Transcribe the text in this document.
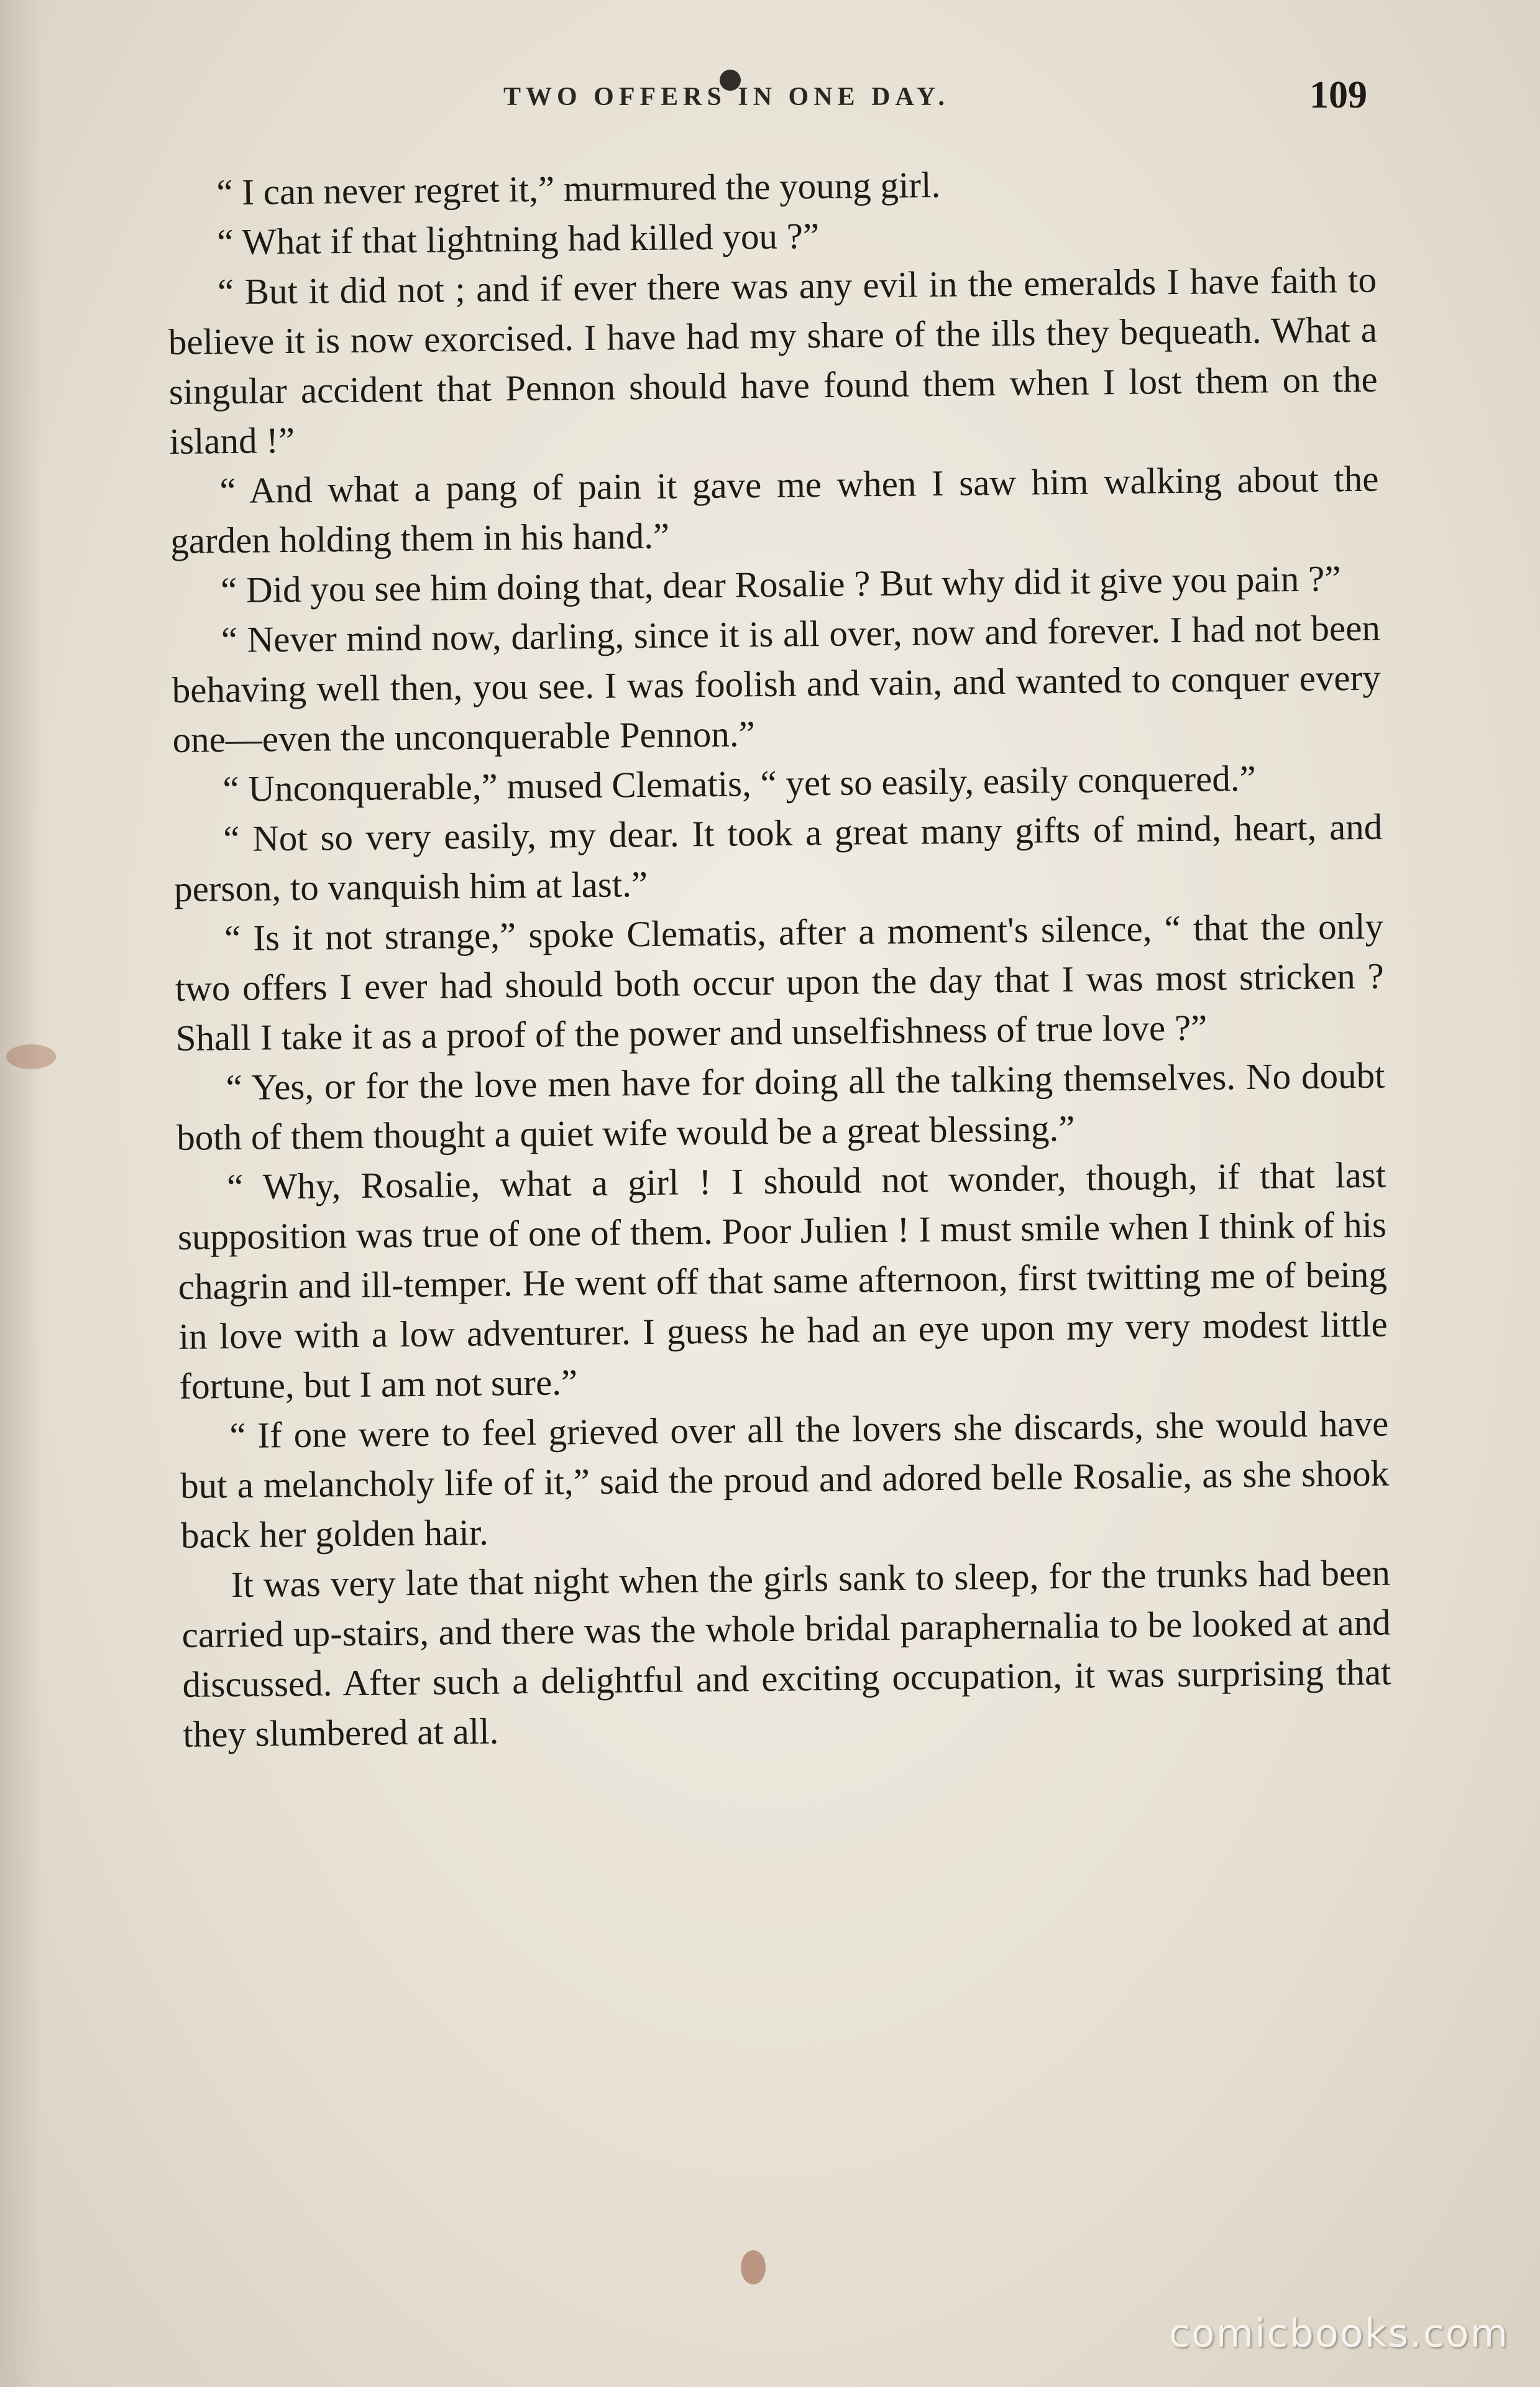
TWO OFFERS IN ONE DAY.	109

“ I can never regret it,” murmured the young girl.

“ What if that lightning had killed you ?”

“ But it did not ; and if ever there was any evil in the emeralds I have faith to believe it is now exorcised. I have had my share of the ills they bequeath. What a singular accident that Pennon should have found them when I lost them on the island !”

“ And what a pang of pain it gave me when I saw him walking about the garden holding them in his hand.”

“ Did you see him doing that, dear Rosalie ? But why did it give you pain ?”

“ Never mind now, darling, since it is all over, now and forever. I had not been behaving well then, you see. I was foolish and vain, and wanted to conquer every one—even the unconquerable Pennon.”

“ Unconquerable,” mused Clematis, “ yet so easily, easily conquered.”

“ Not so very easily, my dear. It took a great many gifts of mind, heart, and person, to vanquish him at last.”

“ Is it not strange,” spoke Clematis, after a moment's silence, “ that the only two offers I ever had should both occur upon the day that I was most stricken ? Shall I take it as a proof of the power and unselfishness of true love ?”

“ Yes, or for the love men have for doing all the talking themselves. No doubt both of them thought a quiet wife would be a great blessing.”

“ Why, Rosalie, what a girl ! I should not wonder, though, if that last supposition was true of one of them. Poor Julien ! I must smile when I think of his chagrin and ill-temper. He went off that same afternoon, first twitting me of being in love with a low adventurer. I guess he had an eye upon my very modest little fortune, but I am not sure.”

“ If one were to feel grieved over all the lovers she discards, she would have but a melancholy life of it,” said the proud and adored belle Rosalie, as she shook back her golden hair.

It was very late that night when the girls sank to sleep, for the trunks had been carried up-stairs, and there was the whole bridal paraphernalia to be looked at and discussed. After such a delightful and exciting occupation, it was surprising that they slumbered at all.

comicbooks.com
